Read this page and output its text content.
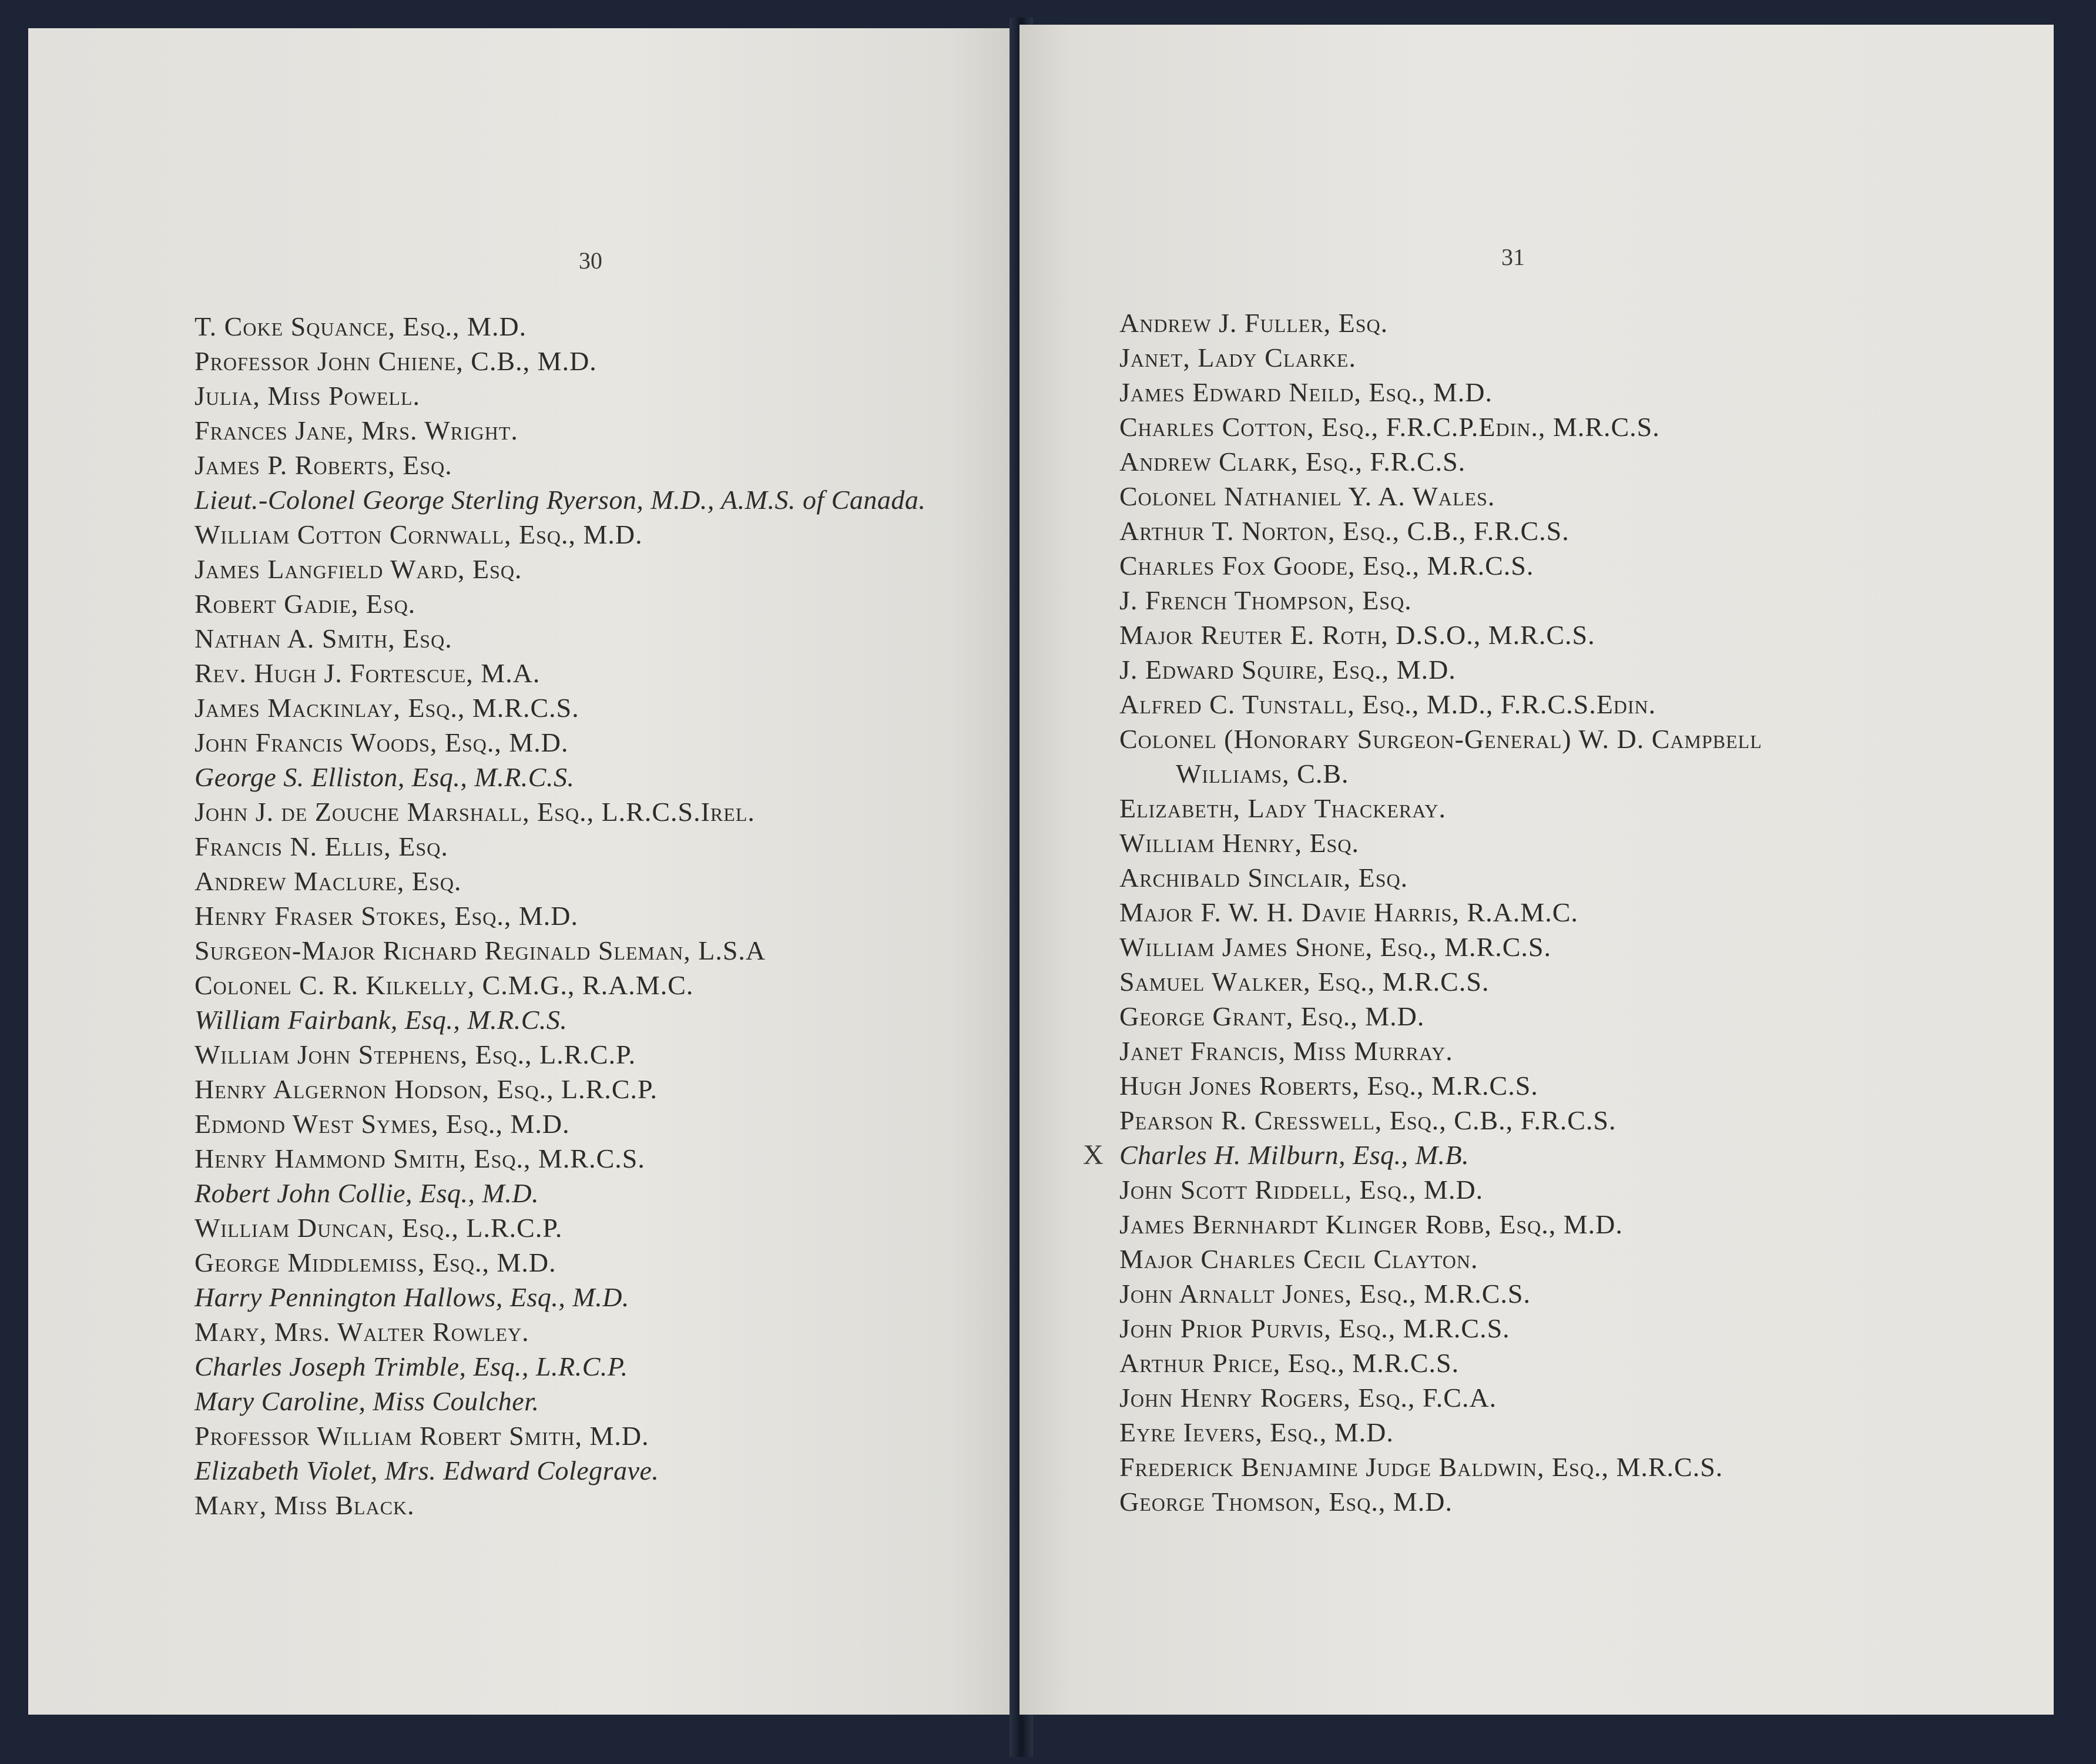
30
T. Coke Squance, Esq., M.D.
Professor John Chiene, C.B., M.D.
Julia, Miss Powell.
Frances Jane, Mrs. Wright.
James P. Roberts, Esq.
Lieut.-Colonel George Sterling Ryerson, M.D., A.M.S. of Canada.
William Cotton Cornwall, Esq., M.D.
James Langfield Ward, Esq.
Robert Gadie, Esq.
Nathan A. Smith, Esq.
Rev. Hugh J. Fortescue, M.A.
James Mackinlay, Esq., M.R.C.S.
John Francis Woods, Esq., M.D.
George S. Elliston, Esq., M.R.C.S.
John J. de Zouche Marshall, Esq., L.R.C.S.Irel.
Francis N. Ellis, Esq.
Andrew Maclure, Esq.
Henry Fraser Stokes, Esq., M.D.
Surgeon-Major Richard Reginald Sleman, L.S.A
Colonel C. R. Kilkelly, C.M.G., R.A.M.C.
William Fairbank, Esq., M.R.C.S.
William John Stephens, Esq., L.R.C.P.
Henry Algernon Hodson, Esq., L.R.C.P.
Edmond West Symes, Esq., M.D.
Henry Hammond Smith, Esq., M.R.C.S.
Robert John Collie, Esq., M.D.
William Duncan, Esq., L.R.C.P.
George Middlemiss, Esq., M.D.
Harry Pennington Hallows, Esq., M.D.
Mary, Mrs. Walter Rowley.
Charles Joseph Trimble, Esq., L.R.C.P.
Mary Caroline, Miss Coulcher.
Professor William Robert Smith, M.D.
Elizabeth Violet, Mrs. Edward Colegrave.
Mary, Miss Black.
31
Andrew J. Fuller, Esq.
Janet, Lady Clarke.
James Edward Neild, Esq., M.D.
Charles Cotton, Esq., F.R.C.P.Edin., M.R.C.S.
Andrew Clark, Esq., F.R.C.S.
Colonel Nathaniel Y. A. Wales.
Arthur T. Norton, Esq., C.B., F.R.C.S.
Charles Fox Goode, Esq., M.R.C.S.
J. French Thompson, Esq.
Major Reuter E. Roth, D.S.O., M.R.C.S.
J. Edward Squire, Esq., M.D.
Alfred C. Tunstall, Esq., M.D., F.R.C.S.Edin.
Colonel (Honorary Surgeon-General) W. D. Campbell
Williams, C.B.
Elizabeth, Lady Thackeray.
William Henry, Esq.
Archibald Sinclair, Esq.
Major F. W. H. Davie Harris, R.A.M.C.
William James Shone, Esq., M.R.C.S.
Samuel Walker, Esq., M.R.C.S.
George Grant, Esq., M.D.
Janet Francis, Miss Murray.
Hugh Jones Roberts, Esq., M.R.C.S.
Pearson R. Cresswell, Esq., C.B., F.R.C.S.
X Charles H. Milburn, Esq., M.B.
John Scott Riddell, Esq., M.D.
James Bernhardt Klinger Robb, Esq., M.D.
Major Charles Cecil Clayton.
John Arnallt Jones, Esq., M.R.C.S.
John Prior Purvis, Esq., M.R.C.S.
Arthur Price, Esq., M.R.C.S.
John Henry Rogers, Esq., F.C.A.
Eyre Ievers, Esq., M.D.
Frederick Benjamine Judge Baldwin, Esq., M.R.C.S.
George Thomson, Esq., M.D.
